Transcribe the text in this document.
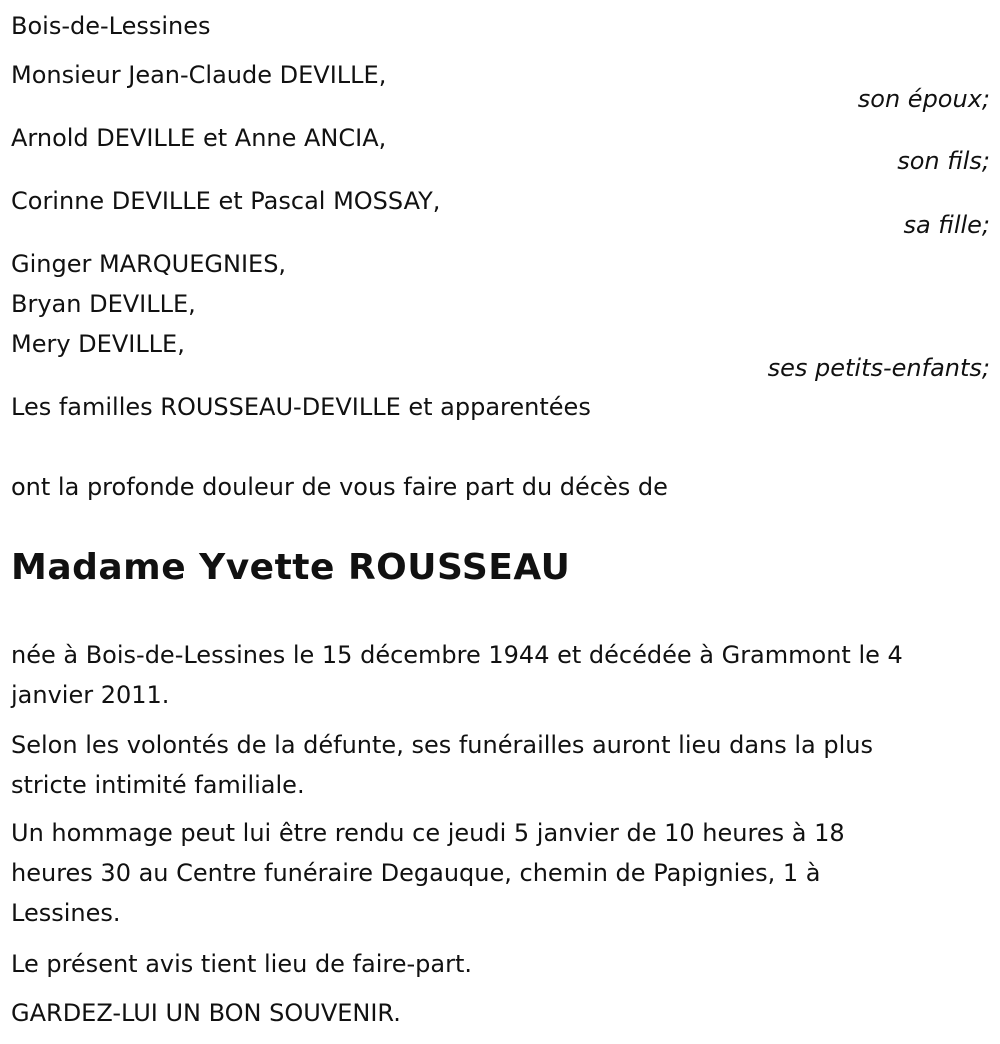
Bois-de-Lessines
Monsieur Jean-Claude DEVILLE,
son époux;
Arnold DEVILLE et Anne ANCIA,
son fils;
Corinne DEVILLE et Pascal MOSSAY,
sa fille;
Ginger MARQUEGNIES,
Bryan DEVILLE,
Mery DEVILLE,
ses petits-enfants;
Les familles ROUSSEAU-DEVILLE et apparentées
ont la profonde douleur de vous faire part du décès de
Madame Yvette ROUSSEAU
née à Bois-de-Lessines le 15 décembre 1944 et décédée à Grammont le 4
janvier 2011.
Selon les volontés de la défunte, ses funérailles auront lieu dans la plus
stricte intimité familiale.
Un hommage peut lui être rendu ce jeudi 5 janvier de 10 heures à 18
heures 30 au Centre funéraire Degauque, chemin de Papignies, 1 à
Lessines.
Le présent avis tient lieu de faire-part.
GARDEZ-LUI UN BON SOUVENIR.
